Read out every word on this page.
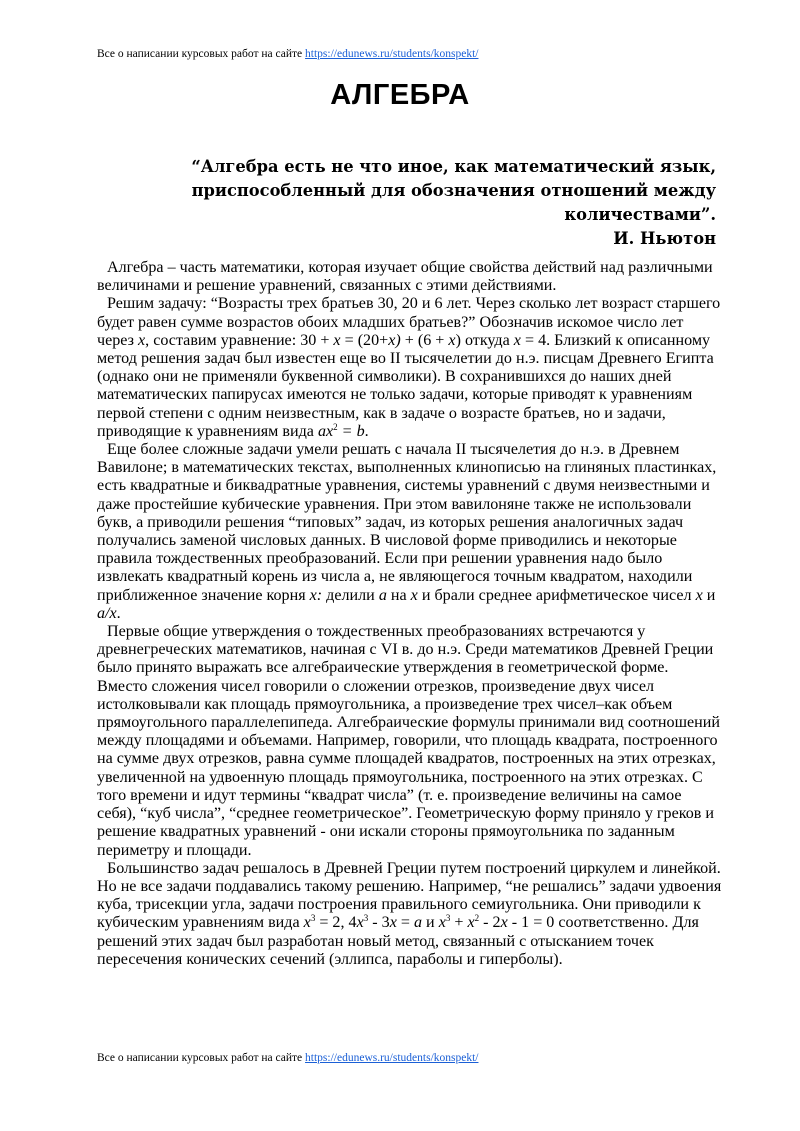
Все о написании курсовых работ на сайте https://edunews.ru/students/konspekt/
АЛГЕБРА
“Алгебра есть не что иное, как математический язык,
приспособленный для обозначения отношений между
количествами”.

И. Ньютон

Алгебра – часть математики, которая изучает общие свойства действий над различными величинами и решение уравнений, связанных с этими действиями.

Решим задачу: “Возрасты трех братьев 30, 20 и 6 лет. Через сколько лет возраст старшего будет равен сумме возрастов обоих младших братьев?” Обозначив искомое число лет через x, составим уравнение: 30 + x = (20+x) + (6 + x) откуда x = 4. Близкий к описанному метод решения задач был известен еще во II тысячелетии до н.э. писцам Древнего Египта (однако они не применяли буквенной символики). В сохранившихся до наших дней математических папирусах имеются не только задачи, которые приводят к уравнениям первой степени с одним неизвестным, как в задаче о возрасте братьев, но и задачи, приводящие к уравнениям вида $ax^2 = b$.

Еще более сложные задачи умели решать с начала II тысячелетия до н.э. в Древнем Вавилоне; в математических текстах, выполненных клинописью на глиняных пластинках, есть квадратные и биквадратные уравнения, системы уравнений с двумя неизвестными и даже простейшие кубические уравнения. При этом вавилоняне также не использовали букв, а приводили решения “типовых” задач, из которых решения аналогичных задач получались заменой числовых данных. В числовой форме приводились и некоторые правила тождественных преобразований. Если при решении уравнения надо было извлекать квадратный корень из числа а, не являющегося точным квадратом, находили приближенное значение корня x: делили a на x и брали среднее арифметическое чисел x и a/x.

Первые общие утверждения о тождественных преобразованиях встречаются у древнегреческих математиков, начиная с VI в. до н.э. Среди математиков Древней Греции было принято выражать все алгебраические утверждения в геометрической форме. Вместо сложения чисел говорили о сложении отрезков, произведение двух чисел истолковывали как площадь прямоугольника, а произведение трех чисел–как объем прямоугольного параллелепипеда. Алгебраические формулы принимали вид соотношений между площадями и объемами. Например, говорили, что площадь квадрата, построенного на сумме двух отрезков, равна сумме площадей квадратов, построенных на этих отрезках, увеличенной на удвоенную площадь прямоугольника, построенного на этих отрезках. С того времени и идут термины “квадрат числа” (т. е. произведение величины на самое себя), “куб числа”, “среднее геометрическое”. Геометрическую форму приняло у греков и решение квадратных уравнений - они искали стороны прямоугольника по заданным периметру и площади.

Большинство задач решалось в Древней Греции путем построений циркулем и линейкой. Но не все задачи поддавались такому решению. Например, “не решались” задачи удвоения куба, трисекции угла, задачи построения правильного семиугольника. Они приводили к кубическим уравнениям вида $x^3 = 2$, $4x^3 - 3x = a$ и $x^3 + x^2 - 2x - 1 = 0$ соответственно. Для решений этих задач был разработан новый метод, связанный с отысканием точек пересечения конических сечений (эллипса, параболы и гиперболы).

Все о написании курсовых работ на сайте https://edunews.ru/students/konspekt/
